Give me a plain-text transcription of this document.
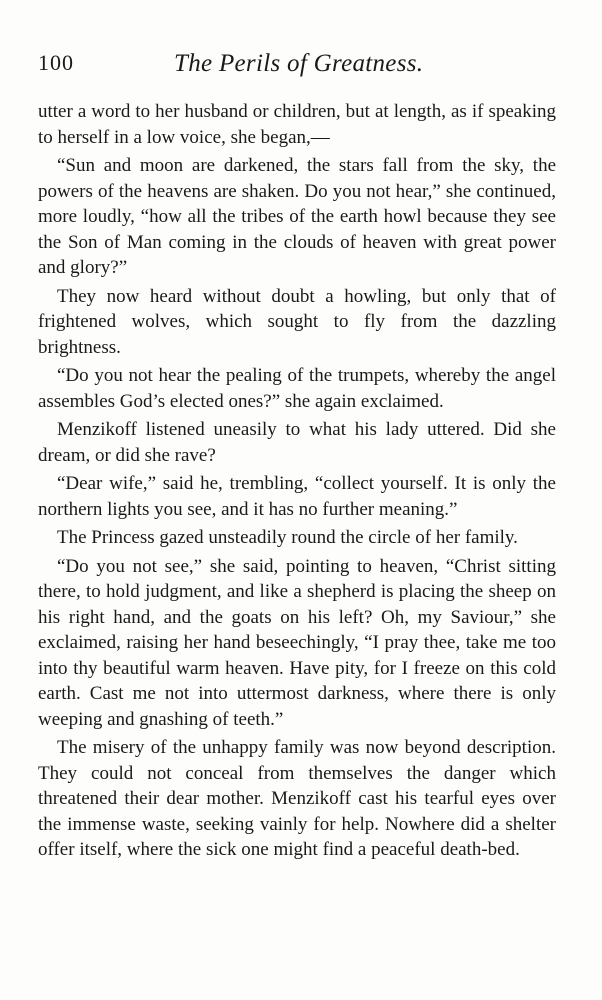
100	The Perils of Greatness.

utter a word to her husband or children, but at length, as if speaking to herself in a low voice, she began,—

“Sun and moon are darkened, the stars fall from the sky, the powers of the heavens are shaken. Do you not hear,” she continued, more loudly, “how all the tribes of the earth howl because they see the Son of Man coming in the clouds of heaven with great power and glory?”

They now heard without doubt a howling, but only that of frightened wolves, which sought to fly from the dazzling brightness.

“Do you not hear the pealing of the trumpets, whereby the angel assembles God’s elected ones?” she again exclaimed.

Menzikoff listened uneasily to what his lady uttered. Did she dream, or did she rave?

“Dear wife,” said he, trembling, “collect yourself. It is only the northern lights you see, and it has no further meaning.”

The Princess gazed unsteadily round the circle of her family.

“Do you not see,” she said, pointing to heaven, “Christ sitting there, to hold judgment, and like a shepherd is placing the sheep on his right hand, and the goats on his left? Oh, my Saviour,” she exclaimed, raising her hand beseechingly, “I pray thee, take me too into thy beautiful warm heaven. Have pity, for I freeze on this cold earth. Cast me not into uttermost darkness, where there is only weeping and gnashing of teeth.”

The misery of the unhappy family was now beyond description. They could not conceal from themselves the danger which threatened their dear mother. Menzikoff cast his tearful eyes over the immense waste, seeking vainly for help. Nowhere did a shelter offer itself, where the sick one might find a peaceful death-bed.
